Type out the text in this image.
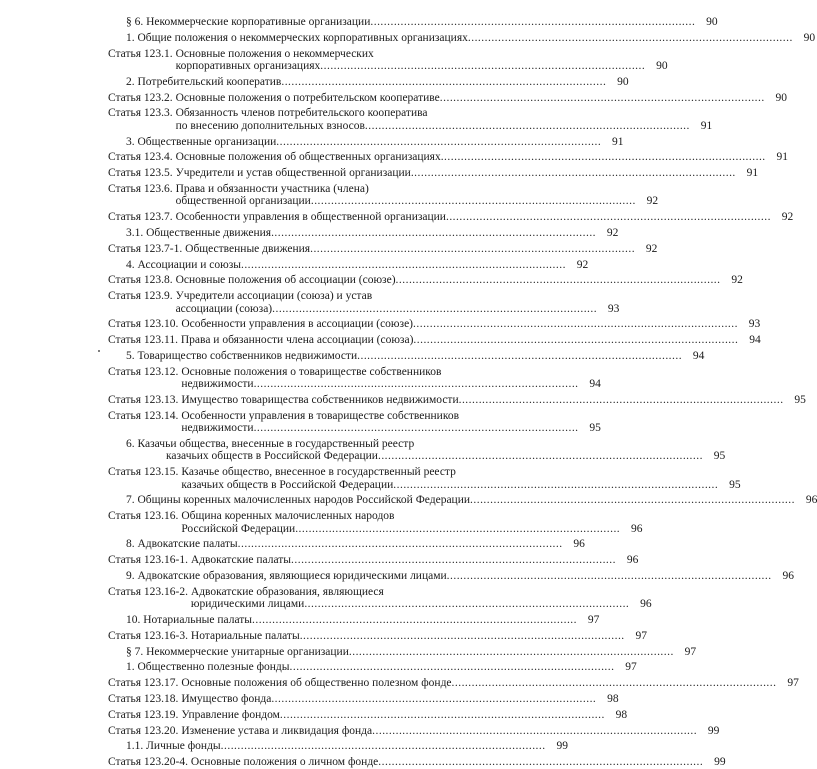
§ 6. Некоммерческие корпоративные организации . . .	90
1. Общие положения о некоммерческих корпоративных организациях . . .	90
Статья 123.1. Основные положения о некоммерческих
корпоративных организациях . . .	90
2. Потребительский кооператив . . .	90
Статья 123.2. Основные положения о потребительском кооперативе . . .	90
Статья 123.3. Обязанность членов потребительского кооператива
по внесению дополнительных взносов . . .	91
3. Общественные организации . . .	91
Статья 123.4. Основные положения об общественных организациях . . .	91
Статья 123.5. Учредители и устав общественной организации . . .	91
Статья 123.6. Права и обязанности участника (члена)
общественной организации . . .	92
Статья 123.7. Особенности управления в общественной организации . . .	92
3.1. Общественные движения . . .	92
Статья 123.7-1. Общественные движения . . .	92
4. Ассоциации и союзы . . .	92
Статья 123.8. Основные положения об ассоциации (союзе) . . .	92
Статья 123.9. Учредители ассоциации (союза) и устав
ассоциации (союза) . . .	93
Статья 123.10. Особенности управления в ассоциации (союзе) . . .	93
Статья 123.11. Права и обязанности члена ассоциации (союза) . . .	94
5. Товарищество собственников недвижимости . . .	94
Статья 123.12. Основные положения о товариществе собственников
недвижимости . . .	94
Статья 123.13. Имущество товарищества собственников недвижимости . . .	95
Статья 123.14. Особенности управления в товариществе собственников
недвижимости . . .	95
6. Казачьи общества, внесенные в государственный реестр
казачьих обществ в Российской Федерации . . .	95
Статья 123.15. Казачье общество, внесенное в государственный реестр
казачьих обществ в Российской Федерации . . .	95
7. Общины коренных малочисленных народов Российской Федерации . . .	96
Статья 123.16. Община коренных малочисленных народов
Российской Федерации . . .	96
8. Адвокатские палаты . . .	96
Статья 123.16-1. Адвокатские палаты . . .	96
9. Адвокатские образования, являющиеся юридическими лицами . . .	96
Статья 123.16-2. Адвокатские образования, являющиеся
юридическими лицами . . .	96
10. Нотариальные палаты . . .	97
Статья 123.16-3. Нотариальные палаты . . .	97
§ 7. Некоммерческие унитарные организации . . .	97
1. Общественно полезные фонды . . .	97
Статья 123.17. Основные положения об общественно полезном фонде . . .	97
Статья 123.18. Имущество фонда . . .	98
Статья 123.19. Управление фондом . . .	98
Статья 123.20. Изменение устава и ликвидация фонда . . .	99
1.1. Личные фонды . . .	99
Статья 123.20-4. Основные положения о личном фонде . . .	99
